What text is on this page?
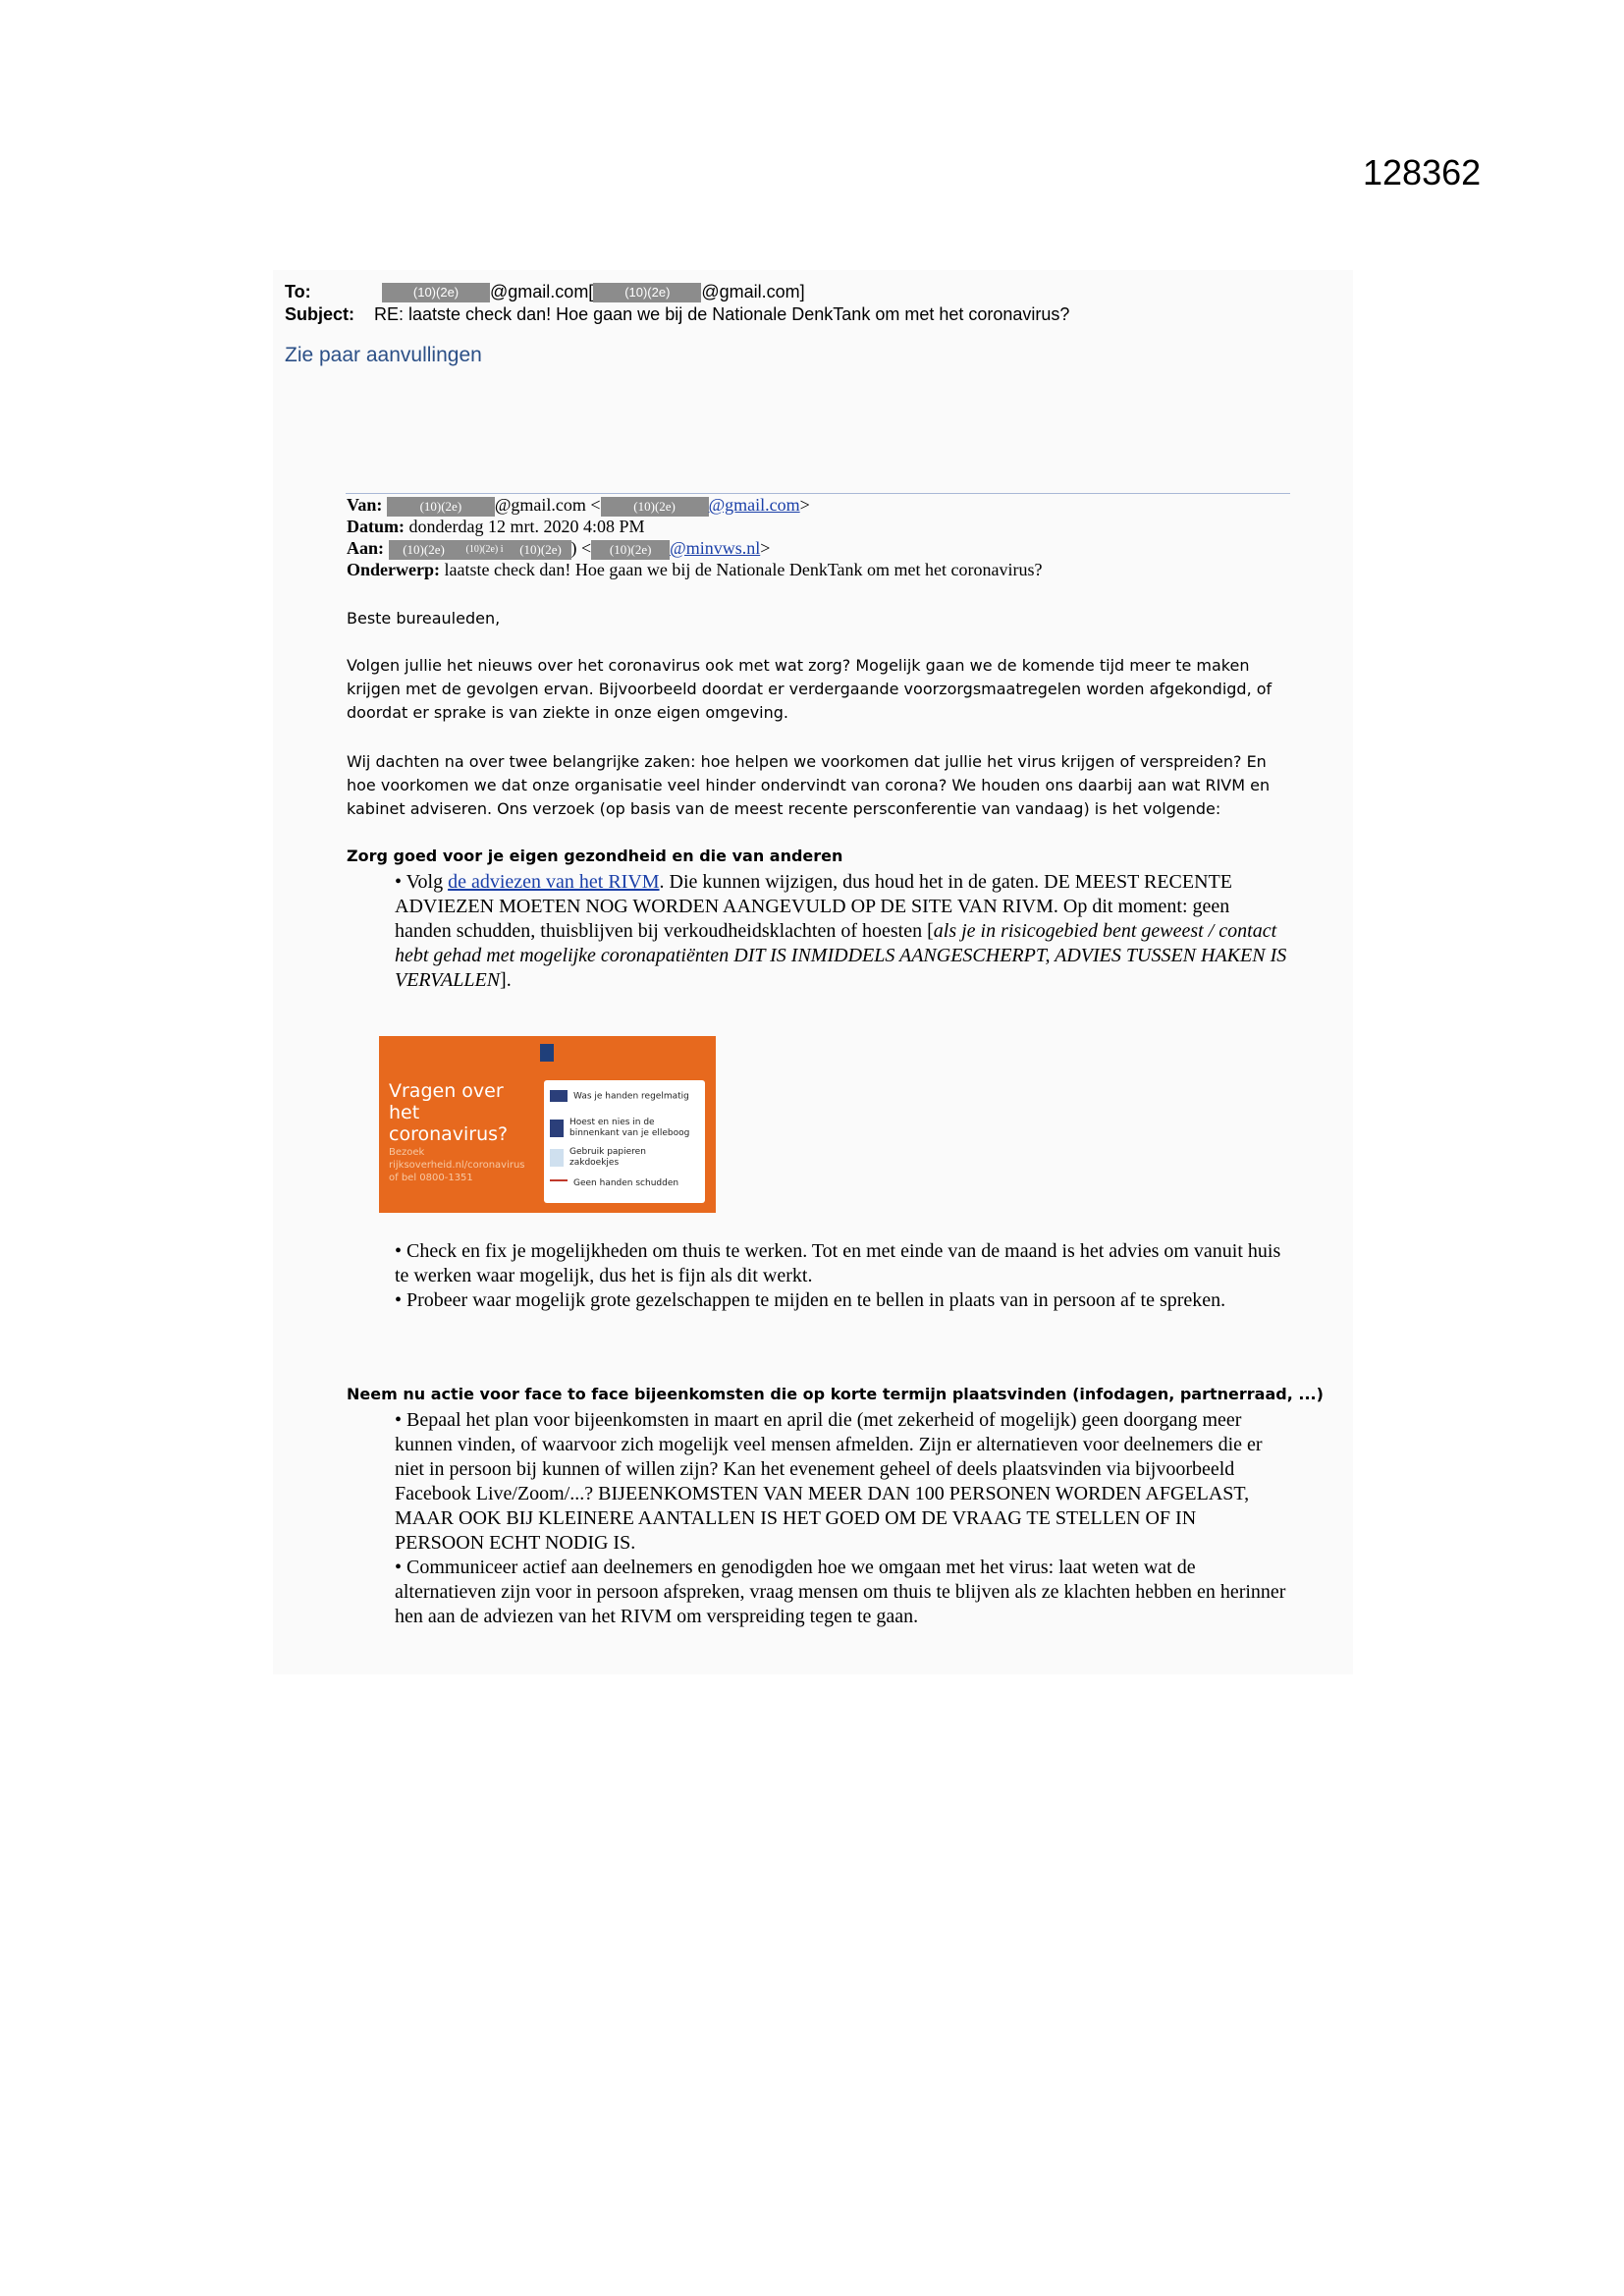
128362
To:	(10)(2e) @gmail.com[ (10)(2e) @gmail.com]
Subject: RE: laatste check dan! Hoe gaan we bij de Nationale DenkTank om met het coronavirus?
Zie paar aanvullingen
Van:	(10)(2e) @gmail.com <	(10)(2e) @gmail.com>
Datum: donderdag 12 mrt. 2020 4:08 PM
Aan: (10)(2e) (10)(2e) i (10)(2e) ) < (10)(2e) @minvws.nl>
Onderwerp: laatste check dan! Hoe gaan we bij de Nationale DenkTank om met het coronavirus?
Beste bureauleden,
Volgen jullie het nieuws over het coronavirus ook met wat zorg? Mogelijk gaan we de komende tijd meer te maken krijgen met de gevolgen ervan. Bijvoorbeeld doordat er verdergaande voorzorgsmaatregelen worden afgekondigd, of doordat er sprake is van ziekte in onze eigen omgeving.
Wij dachten na over twee belangrijke zaken: hoe helpen we voorkomen dat jullie het virus krijgen of verspreiden? En hoe voorkomen we dat onze organisatie veel hinder ondervindt van corona? We houden ons daarbij aan wat RIVM en kabinet adviseren. Ons verzoek (op basis van de meest recente persconferentie van vandaag) is het volgende:
Zorg goed voor je eigen gezondheid en die van anderen
• Volg de adviezen van het RIVM. Die kunnen wijzigen, dus houd het in de gaten. DE MEEST RECENTE ADVIEZEN MOETEN NOG WORDEN AANGEVULD OP DE SITE VAN RIVM. Op dit moment: geen handen schudden, thuisblijven bij verkoudheidsklachten of hoesten [als je in risicogebied bent geweest / contact hebt gehad met mogelijke coronapatiënten DIT IS INMIDDELS AANGESCHERPT, ADVIES TUSSEN HAKEN IS VERVALLEN].
Vragen over het coronavirus?
Bezoek rijksoverheid.nl/coronavirus of bel 0800-1351
Was je handen regelmatig
Hoest en nies in de binnenkant van je elleboog
Gebruik papieren zakdoekjes
Geen handen schudden
• Check en fix je mogelijkheden om thuis te werken. Tot en met einde van de maand is het advies om vanuit huis te werken waar mogelijk, dus het is fijn als dit werkt.
• Probeer waar mogelijk grote gezelschappen te mijden en te bellen in plaats van in persoon af te spreken.
Neem nu actie voor face to face bijeenkomsten die op korte termijn plaatsvinden (infodagen, partnerraad, ...)
• Bepaal het plan voor bijeenkomsten in maart en april die (met zekerheid of mogelijk) geen doorgang meer kunnen vinden, of waarvoor zich mogelijk veel mensen afmelden. Zijn er alternatieven voor deelnemers die er niet in persoon bij kunnen of willen zijn? Kan het evenement geheel of deels plaatsvinden via bijvoorbeeld Facebook Live/Zoom/...? BIJEENKOMSTEN VAN MEER DAN 100 PERSONEN WORDEN AFGELAST, MAAR OOK BIJ KLEINERE AANTALLEN IS HET GOED OM DE VRAAG TE STELLEN OF IN PERSOON ECHT NODIG IS.
• Communiceer actief aan deelnemers en genodigden hoe we omgaan met het virus: laat weten wat de alternatieven zijn voor in persoon afspreken, vraag mensen om thuis te blijven als ze klachten hebben en herinner hen aan de adviezen van het RIVM om verspreiding tegen te gaan.
